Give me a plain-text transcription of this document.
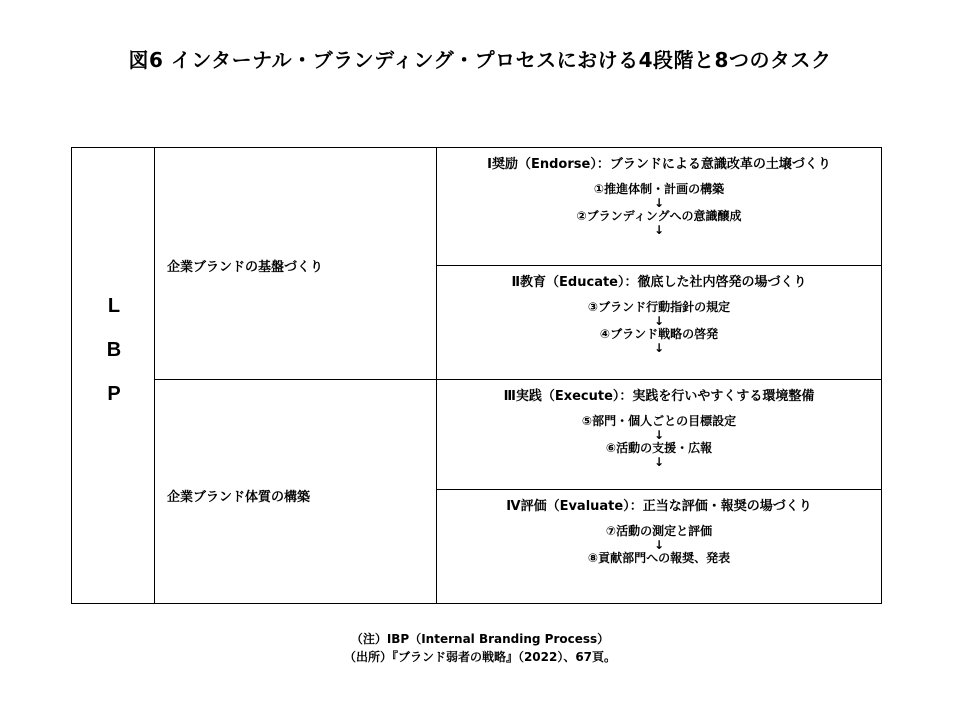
図6 インターナル・ブランディング・プロセスにおける4段階と8つのタスク
L
B
P
企業ブランドの基盤づくり
企業ブランド体質の構築
Ⅰ奨励（Endorse）：ブランドによる意識改革の土壌づくり
①推進体制・計画の構築
↓
②ブランディングへの意識醸成
↓
Ⅱ教育（Educate）：徹底した社内啓発の場づくり
③ブランド行動指針の規定
↓
④ブランド戦略の啓発
↓
Ⅲ実践（Execute）：実践を行いやすくする環境整備
⑤部門・個人ごとの目標設定
↓
⑥活動の支援・広報
↓
Ⅳ評価（Evaluate）：正当な評価・報奨の場づくり
⑦活動の測定と評価
↓
⑧貢献部門への報奨、発表
（注）IBP（Internal Branding Process）
（出所）『ブランド弱者の戦略』（2022）、67頁。
